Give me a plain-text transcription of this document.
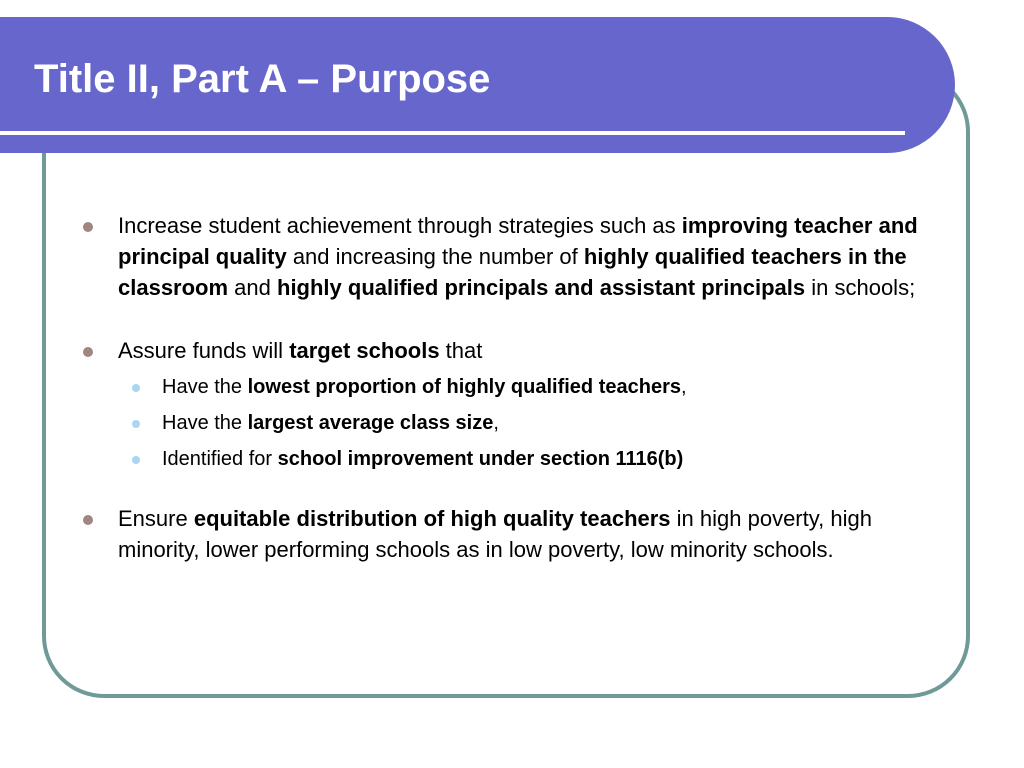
Title II, Part A – Purpose
Increase student achievement through strategies such as improving teacher and principal quality and increasing the number of highly qualified teachers in the classroom and highly qualified principals and assistant principals in schools;
Assure funds will target schools that
Have the lowest proportion of highly qualified teachers,
Have the largest average class size,
Identified for school improvement under section 1116(b)
Ensure equitable distribution of high quality teachers in high poverty, high minority, lower performing schools as in low poverty, low minority schools.
